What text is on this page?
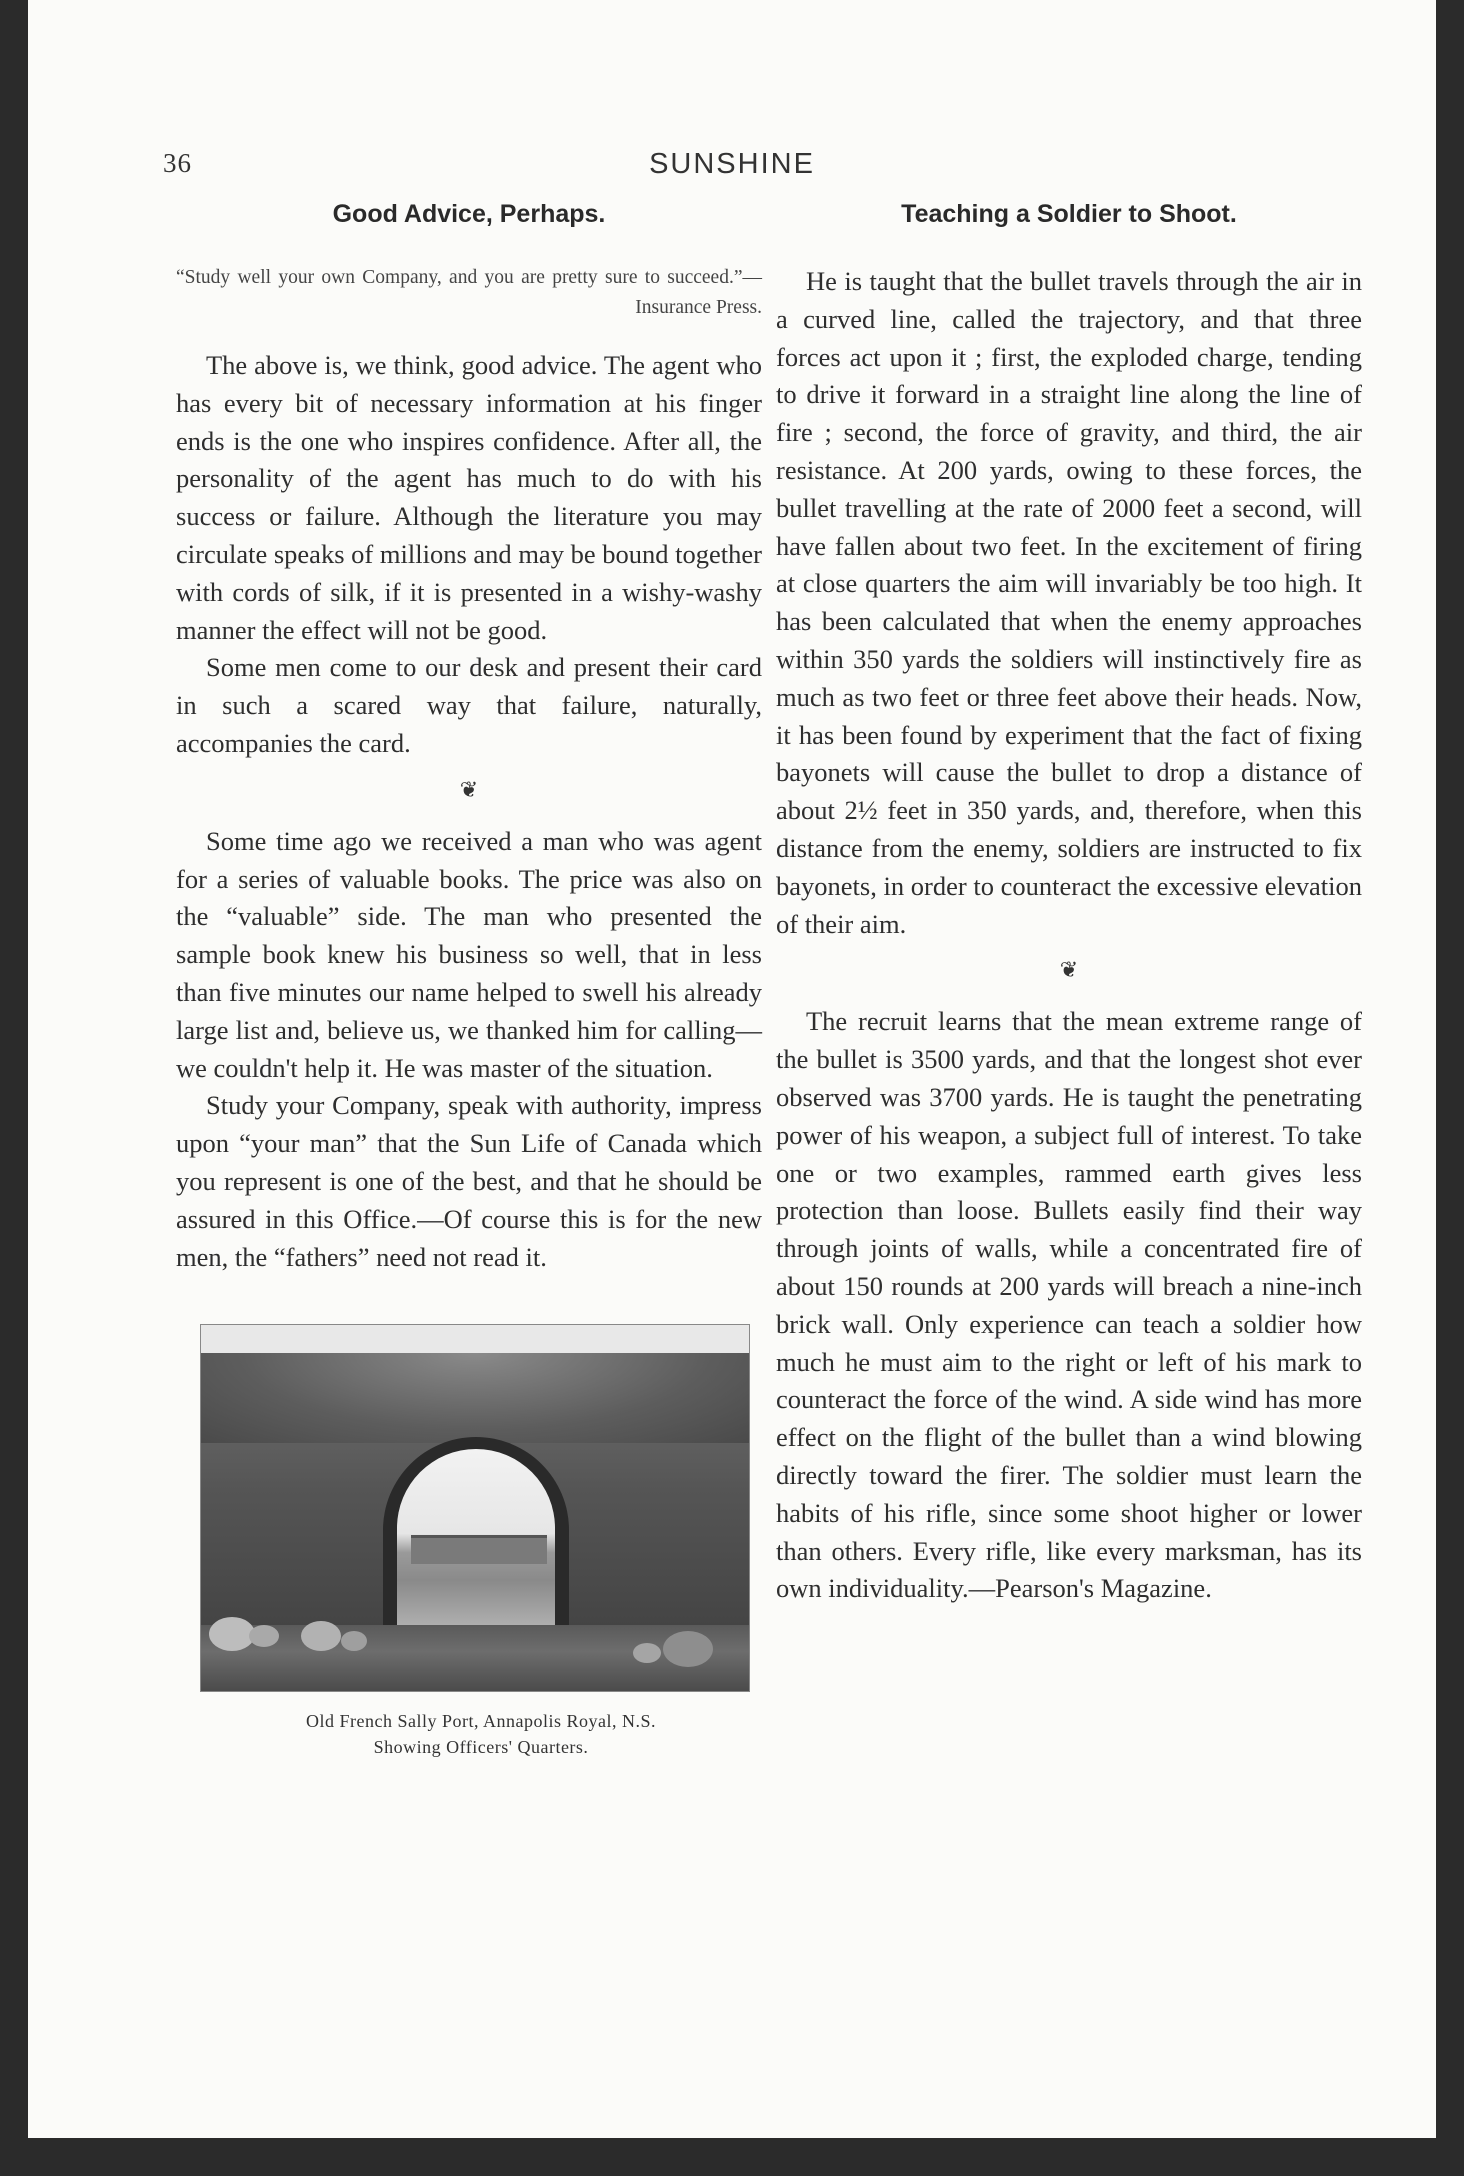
36	SUNSHINE
Good Advice, Perhaps.

“Study well your own Company, and you are pretty sure to succeed.”—Insurance Press.

The above is, we think, good advice. The agent who has every bit of necessary information at his finger ends is the one who inspires confidence. After all, the personality of the agent has much to do with his success or failure. Although the literature you may circulate speaks of millions and may be bound together with cords of silk, if it is presented in a wishy-washy manner the effect will not be good.

Some men come to our desk and present their card in such a scared way that failure, naturally, accompanies the card.

❦

Some time ago we received a man who was agent for a series of valuable books. The price was also on the “valuable” side. The man who presented the sample book knew his business so well, that in less than five minutes our name helped to swell his already large list and, believe us, we thanked him for calling—we couldn't help it. He was master of the situation.

Study your Company, speak with authority, impress upon “your man” that the Sun Life of Canada which you represent is one of the best, and that he should be assured in this Office.—Of course this is for the new men, the “fathers” need not read it.

Old French Sally Port, Annapolis Royal, N.S.
Showing Officers' Quarters.
Teaching a Soldier to Shoot.

He is taught that the bullet travels through the air in a curved line, called the trajectory, and that three forces act upon it ; first, the exploded charge, tending to drive it forward in a straight line along the line of fire ; second, the force of gravity, and third, the air resistance. At 200 yards, owing to these forces, the bullet travelling at the rate of 2000 feet a second, will have fallen about two feet. In the excitement of firing at close quarters the aim will invariably be too high. It has been calculated that when the enemy approaches within 350 yards the soldiers will instinctively fire as much as two feet or three feet above their heads. Now, it has been found by experiment that the fact of fixing bayonets will cause the bullet to drop a distance of about 2½ feet in 350 yards, and, therefore, when this distance from the enemy, soldiers are instructed to fix bayonets, in order to counteract the excessive elevation of their aim.

❦

The recruit learns that the mean extreme range of the bullet is 3500 yards, and that the longest shot ever observed was 3700 yards. He is taught the penetrating power of his weapon, a subject full of interest. To take one or two examples, rammed earth gives less protection than loose. Bullets easily find their way through joints of walls, while a concentrated fire of about 150 rounds at 200 yards will breach a nine-inch brick wall. Only experience can teach a soldier how much he must aim to the right or left of his mark to counteract the force of the wind. A side wind has more effect on the flight of the bullet than a wind blowing directly toward the firer. The soldier must learn the habits of his rifle, since some shoot higher or lower than others. Every rifle, like every marksman, has its own individuality.—Pearson's Magazine.
